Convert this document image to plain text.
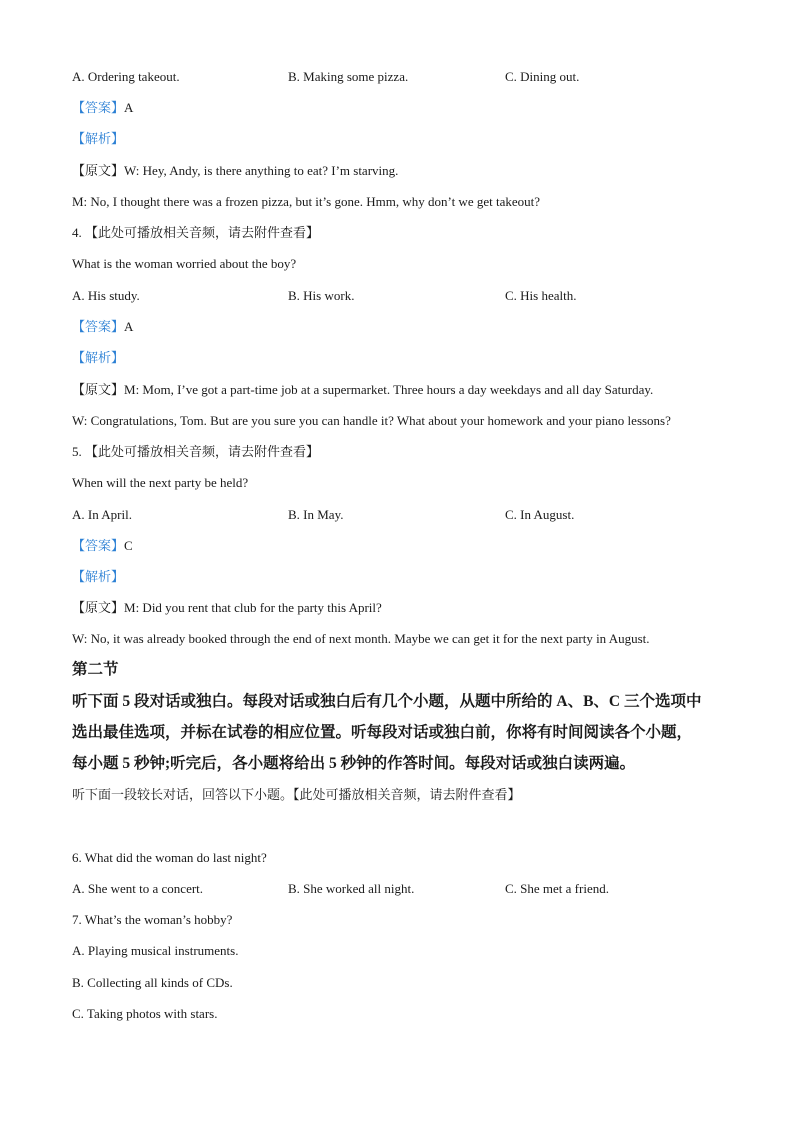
A. Ordering takeout.	B. Making some pizza.	C. Dining out.
【答案】A
【解析】
【原文】W: Hey, Andy, is there anything to eat? I’m starving.
M: No, I thought there was a frozen pizza, but it’s gone. Hmm, why don’t we get takeout?
4. 【此处可播放相关音频，请去附件查看】
What is the woman worried about the boy?
A. His study.	B. His work.	C. His health.
【答案】A
【解析】
【原文】M: Mom, I’ve got a part-time job at a supermarket. Three hours a day weekdays and all day Saturday.
W: Congratulations, Tom. But are you sure you can handle it? What about your homework and your piano lessons?
5. 【此处可播放相关音频，请去附件查看】
When will the next party be held?
A. In April.	B. In May.	C. In August.
【答案】C
【解析】
【原文】M: Did you rent that club for the party this April?
W: No, it was already booked through the end of next month. Maybe we can get it for the next party in August.
第二节
听下面 5 段对话或独白。每段对话或独白后有几个小题，从题中所给的 A、B、C 三个选项中
选出最佳选项，并标在试卷的相应位置。听每段对话或独白前，你将有时间阅读各个小题，
每小题 5 秒钟;听完后，各小题将给出 5 秒钟的作答时间。每段对话或独白读两遍。
听下面一段较长对话，回答以下小题。【此处可播放相关音频，请去附件查看】
6. What did the woman do last night?
A. She went to a concert.	B. She worked all night.	C. She met a friend.
7. What’s the woman’s hobby?
A. Playing musical instruments.
B. Collecting all kinds of CDs.
C. Taking photos with stars.
